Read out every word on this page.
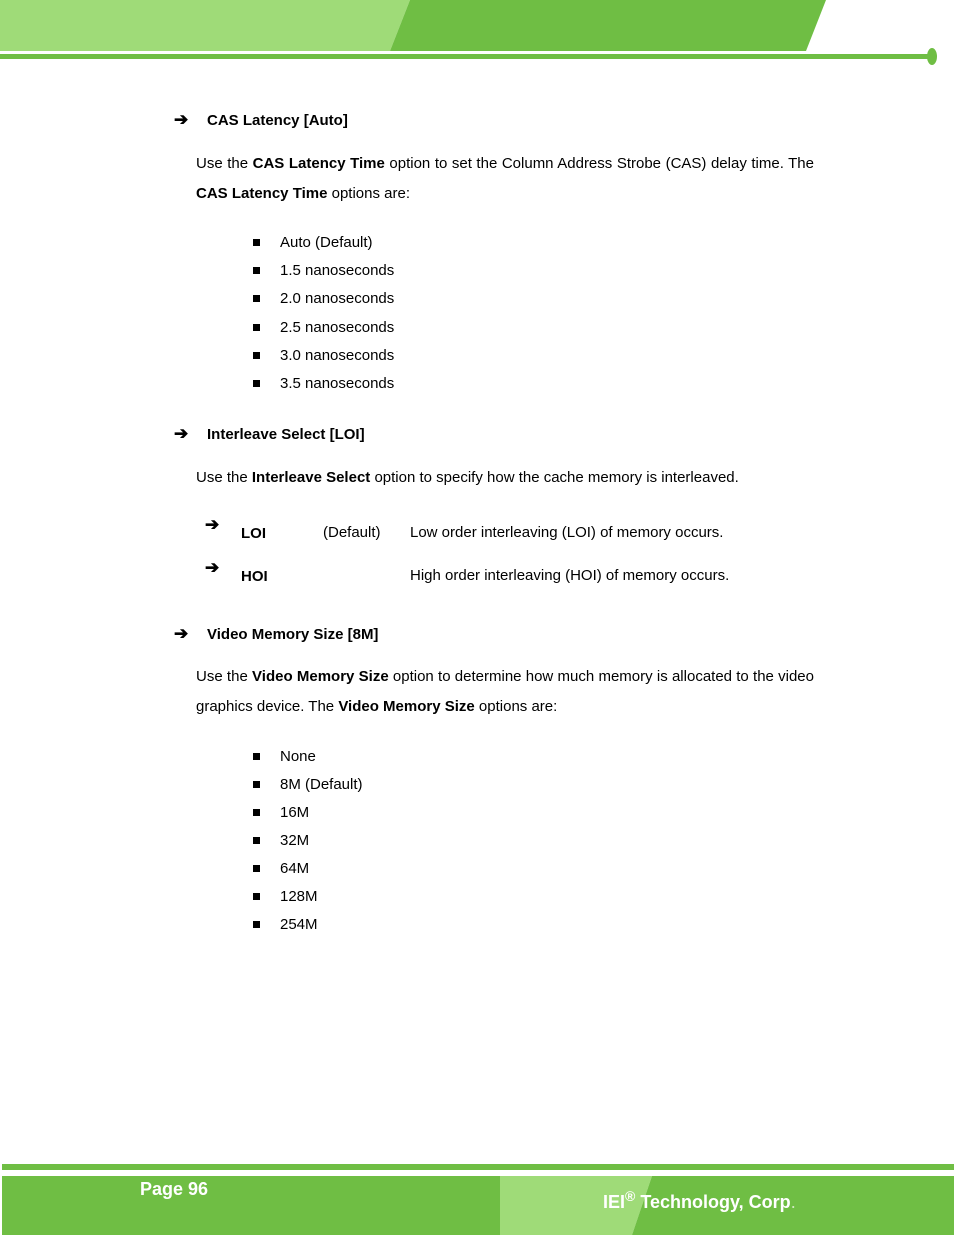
➔ CAS Latency [Auto]
Use the CAS Latency Time option to set the Column Address Strobe (CAS) delay time. The CAS Latency Time options are:
Auto (Default)
1.5 nanoseconds
2.0 nanoseconds
2.5 nanoseconds
3.0 nanoseconds
3.5 nanoseconds
➔ Interleave Select [LOI]
Use the Interleave Select option to specify how the cache memory is interleaved.
➔ LOI	(Default) Low order interleaving (LOI) of memory occurs.
➔ HOI	High order interleaving (HOI) of memory occurs.
➔ Video Memory Size [8M]
Use the Video Memory Size option to determine how much memory is allocated to the video graphics device. The Video Memory Size options are:
None
8M (Default)
16M
32M
64M
128M
254M
Page 96
IEI® Technology, Corp.
